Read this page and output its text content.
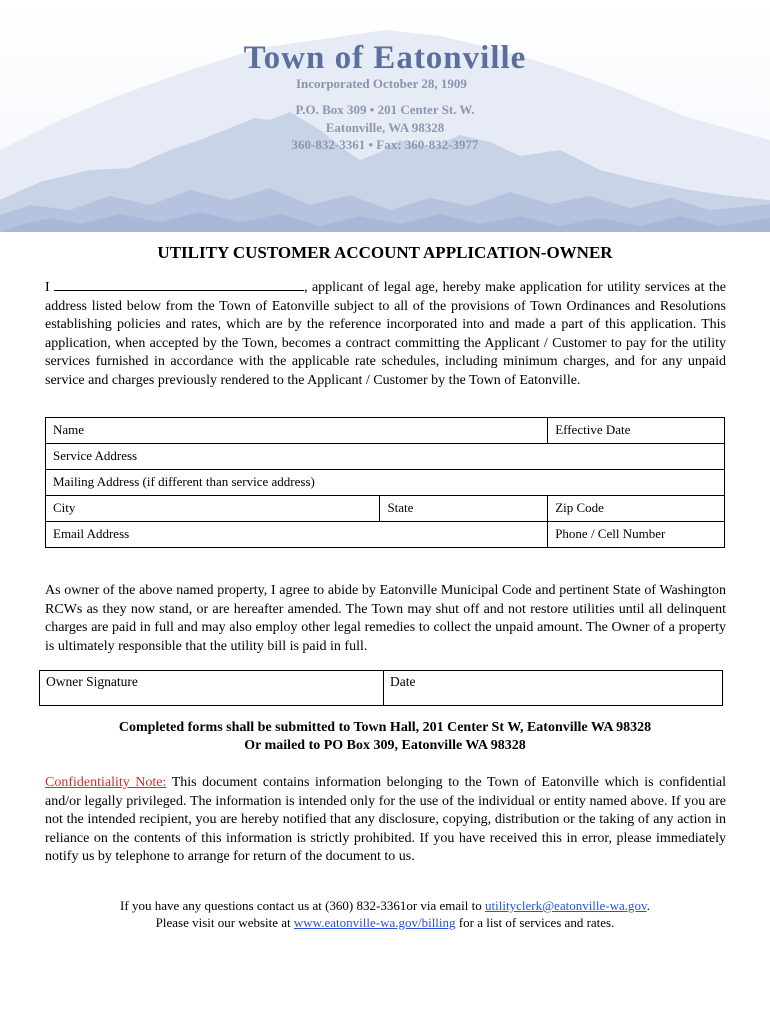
Town of Eatonville
Incorporated October 28, 1909
P.O. Box 309 • 201 Center St. W.
Eatonville, WA 98328
360-832-3361 • Fax: 360-832-3977
UTILITY CUSTOMER ACCOUNT APPLICATION-OWNER
I	, applicant of legal age, hereby make application for utility services at the address listed below from the Town of Eatonville subject to all of the provisions of Town Ordinances and Resolutions establishing policies and rates, which are by the reference incorporated into and made a part of this application. This application, when accepted by the Town, becomes a contract committing the Applicant / Customer to pay for the utility services furnished in accordance with the applicable rate schedules, including minimum charges, and for any unpaid service and charges previously rendered to the Applicant / Customer by the Town of Eatonville.
Name		Effective Date
Service Address		
Mailing Address (if different than service address)		
City	State	Zip Code
Email Address		Phone / Cell Number
As owner of the above named property, I agree to abide by Eatonville Municipal Code and pertinent State of Washington RCWs as they now stand, or are hereafter amended. The Town may shut off and not restore utilities until all delinquent charges are paid in full and may also employ other legal remedies to collect the unpaid amount. The Owner of a property is ultimately responsible that the utility bill is paid in full.
Owner Signature	Date
Completed forms shall be submitted to Town Hall, 201 Center St W, Eatonville WA 98328
Or mailed to PO Box 309, Eatonville WA 98328
Confidentiality Note: This document contains information belonging to the Town of Eatonville which is confidential and/or legally privileged. The information is intended only for the use of the individual or entity named above. If you are not the intended recipient, you are hereby notified that any disclosure, copying, distribution or the taking of any action in reliance on the contents of this information is strictly prohibited. If you have received this in error, please immediately notify us by telephone to arrange for return of the document to us.
If you have any questions contact us at (360) 832-3361or via email to utilityclerk@eatonville-wa.gov.
Please visit our website at www.eatonville-wa.gov/billing for a list of services and rates.
